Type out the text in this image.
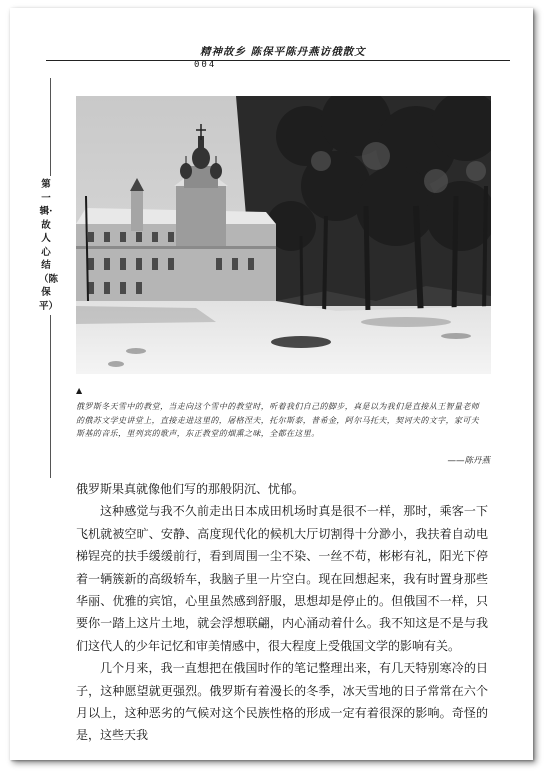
精神故乡 陈保平陈丹燕访俄散文
004
第一辑·故人心结（陈保平）
▲
俄罗斯冬天雪中的教堂，当走向这个雪中的教堂时，听着我们自己的脚步，真是以为我们是直接从王智量老师的俄苏文学史讲堂上，直接走进这里的，屠格涅夫，托尔斯泰，普希金，阿尔马托夫，契诃夫的文字，家可夫斯基的音乐，里列宾的歌声，东正教堂的烟熏之味，全都在这里。
——陈丹燕

俄罗斯果真就像他们写的那般阴沉、忧郁。

这种感觉与我不久前走出日本成田机场时真是很不一样，那时，乘客一下飞机就被空旷、安静、高度现代化的候机大厅切割得十分渺小，我扶着自动电梯锃亮的扶手缓缓前行，看到周围一尘不染、一丝不苟，彬彬有礼，阳光下停着一辆簇新的高级轿车，我脑子里一片空白。现在回想起来，我有时置身那些华丽、优雅的宾馆，心里虽然感到舒服，思想却是停止的。但俄国不一样，只要你一踏上这片土地，就会浮想联翩，内心涌动着什么。我不知这是不是与我们这代人的少年记忆和审美情感中，很大程度上受俄国文学的影响有关。

几个月来，我一直想把在俄国时作的笔记整理出来，有几天特别寒冷的日子，这种愿望就更强烈。俄罗斯有着漫长的冬季，冰天雪地的日子常常在六个月以上，这种恶劣的气候对这个民族性格的形成一定有着很深的影响。奇怪的是，这些天我
